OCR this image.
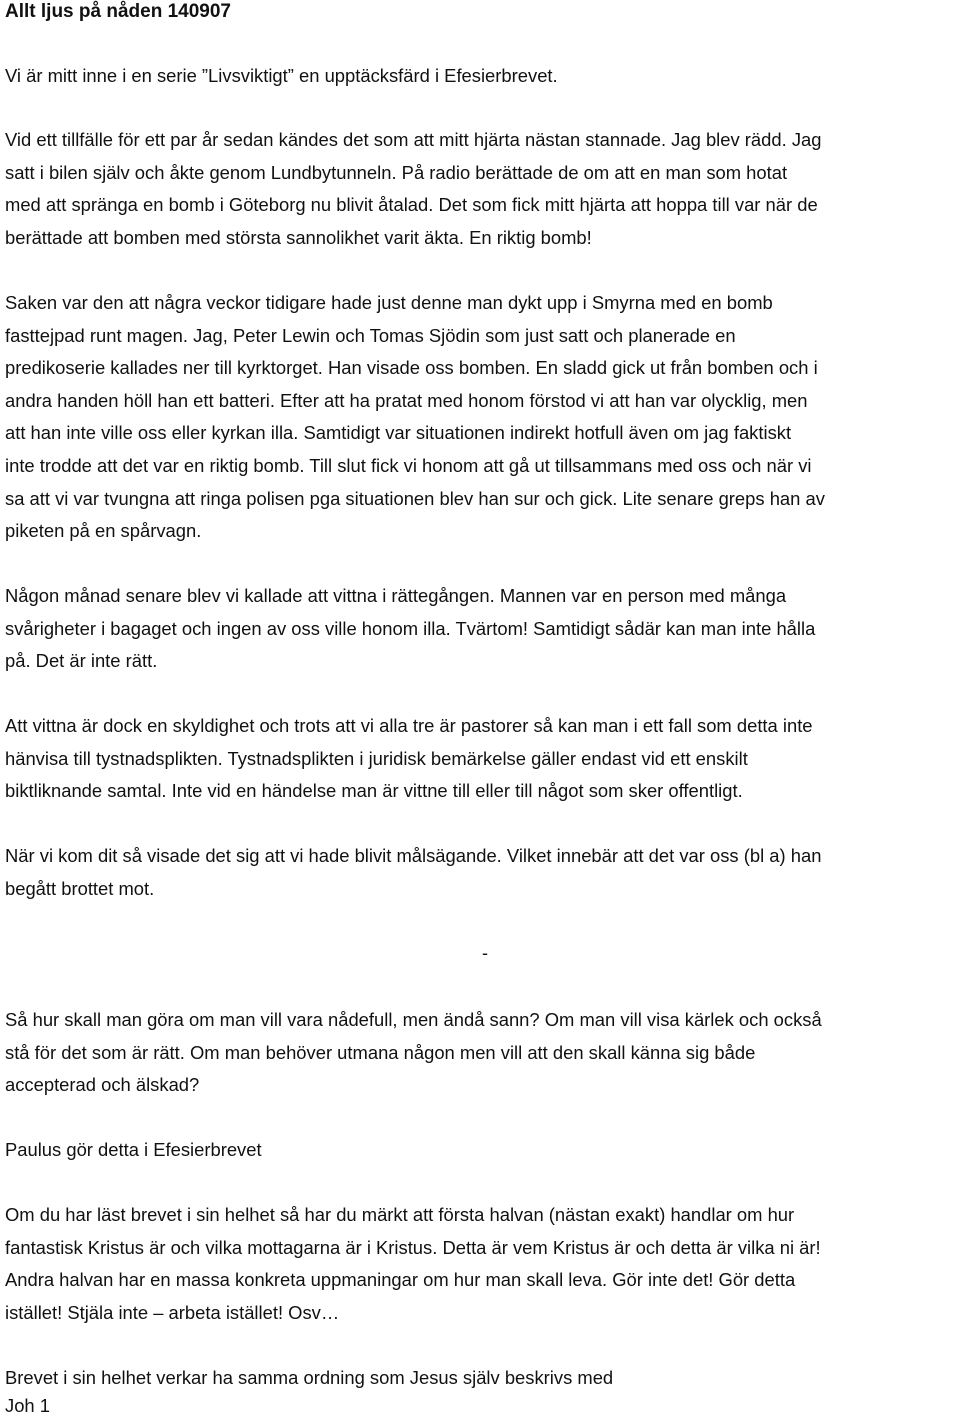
Allt ljus på nåden 140907

Vi är mitt inne i en serie ”Livsviktigt” en upptäcksfärd i Efesierbrevet.

Vid ett tillfälle för ett par år sedan kändes det som att mitt hjärta nästan stannade. Jag blev rädd. Jag
satt i bilen själv och åkte genom Lundbytunneln. På radio berättade de om att en man som hotat
med att spränga en bomb i Göteborg nu blivit åtalad. Det som fick mitt hjärta att hoppa till var när de
berättade att bomben med största sannolikhet varit äkta. En riktig bomb!

Saken var den att några veckor tidigare hade just denne man dykt upp i Smyrna med en bomb
fasttejpad runt magen. Jag, Peter Lewin och Tomas Sjödin som just satt och planerade en
predikoserie kallades ner till kyrktorget. Han visade oss bomben. En sladd gick ut från bomben och i
andra handen höll han ett batteri. Efter att ha pratat med honom förstod vi att han var olycklig, men
att han inte ville oss eller kyrkan illa. Samtidigt var situationen indirekt hotfull även om jag faktiskt
inte trodde att det var en riktig bomb. Till slut fick vi honom att gå ut tillsammans med oss och när vi
sa att vi var tvungna att ringa polisen pga situationen blev han sur och gick. Lite senare greps han av
piketen på en spårvagn.

Någon månad senare blev vi kallade att vittna i rättegången. Mannen var en person med många
svårigheter i bagaget och ingen av oss ville honom illa. Tvärtom! Samtidigt sådär kan man inte hålla
på. Det är inte rätt.

Att vittna är dock en skyldighet och trots att vi alla tre är pastorer så kan man i ett fall som detta inte
hänvisa till tystnadsplikten. Tystnadsplikten i juridisk bemärkelse gäller endast vid ett enskilt
biktliknande samtal. Inte vid en händelse man är vittne till eller till något som sker offentligt.

När vi kom dit så visade det sig att vi hade blivit målsägande. Vilket innebär att det var oss (bl a) han
begått brottet mot.

-

Så hur skall man göra om man vill vara nådefull, men ändå sann? Om man vill visa kärlek och också
stå för det som är rätt. Om man behöver utmana någon men vill att den skall känna sig både
accepterad och älskad?

Paulus gör detta i Efesierbrevet

Om du har läst brevet i sin helhet så har du märkt att första halvan (nästan exakt) handlar om hur
fantastisk Kristus är och vilka mottagarna är i Kristus. Detta är vem Kristus är och detta är vilka ni är!
Andra halvan har en massa konkreta uppmaningar om hur man skall leva. Gör inte det! Gör detta
istället! Stjäla inte – arbeta istället! Osv…

Brevet i sin helhet verkar ha samma ordning som Jesus själv beskrivs med
Joh 1
